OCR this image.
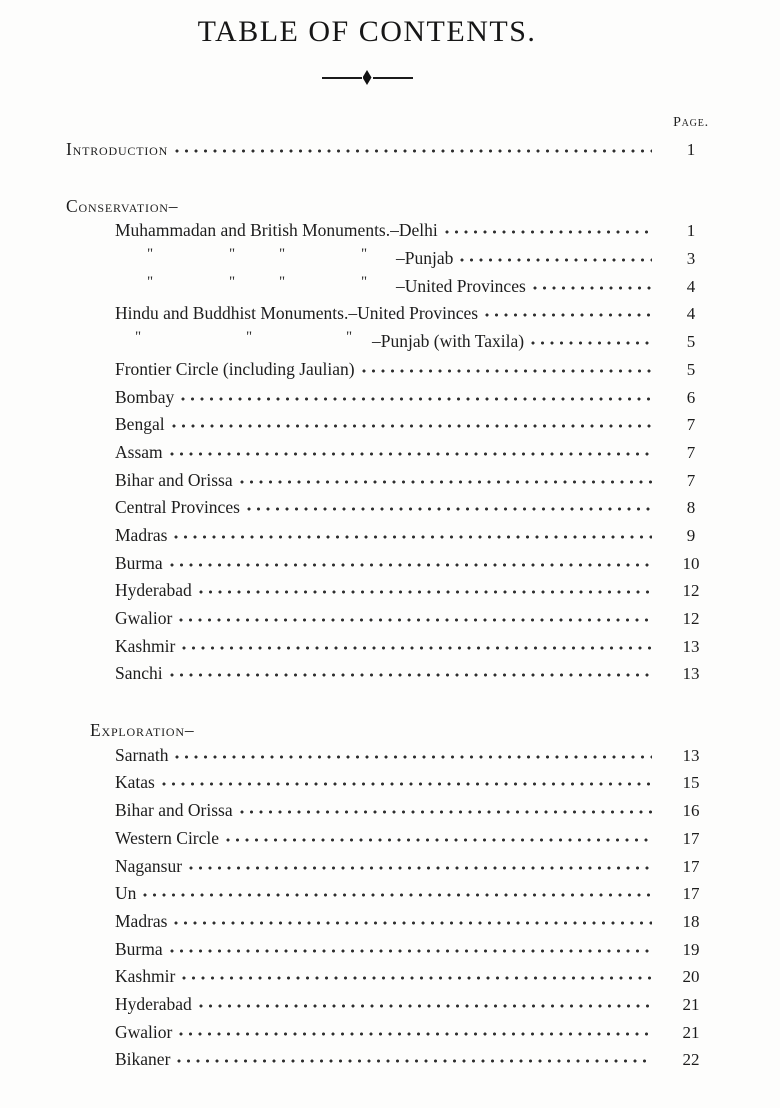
TABLE OF CONTENTS.
Page.
Introduction	1
Conservation–
Muhammadan and British Monuments.–Delhi	1
"	"	"	" –Punjab	3
"	"	"	" –United Provinces	4
Hindu and Buddhist Monuments.–United Provinces	4
"	"	" –Punjab (with Taxila)	5
Frontier Circle (including Jaulian)	5
Bombay	6
Bengal	7
Assam	7
Bihar and Orissa	7
Central Provinces	8
Madras	9
Burma	10
Hyderabad	12
Gwalior	12
Kashmir	13
Sanchi	13
Exploration–
Sarnath	13
Katas	15
Bihar and Orissa	16
Western Circle	17
Nagansur	17
Un	17
Madras	18
Burma	19
Kashmir	20
Hyderabad	21
Gwalior	21
Bikaner	22
